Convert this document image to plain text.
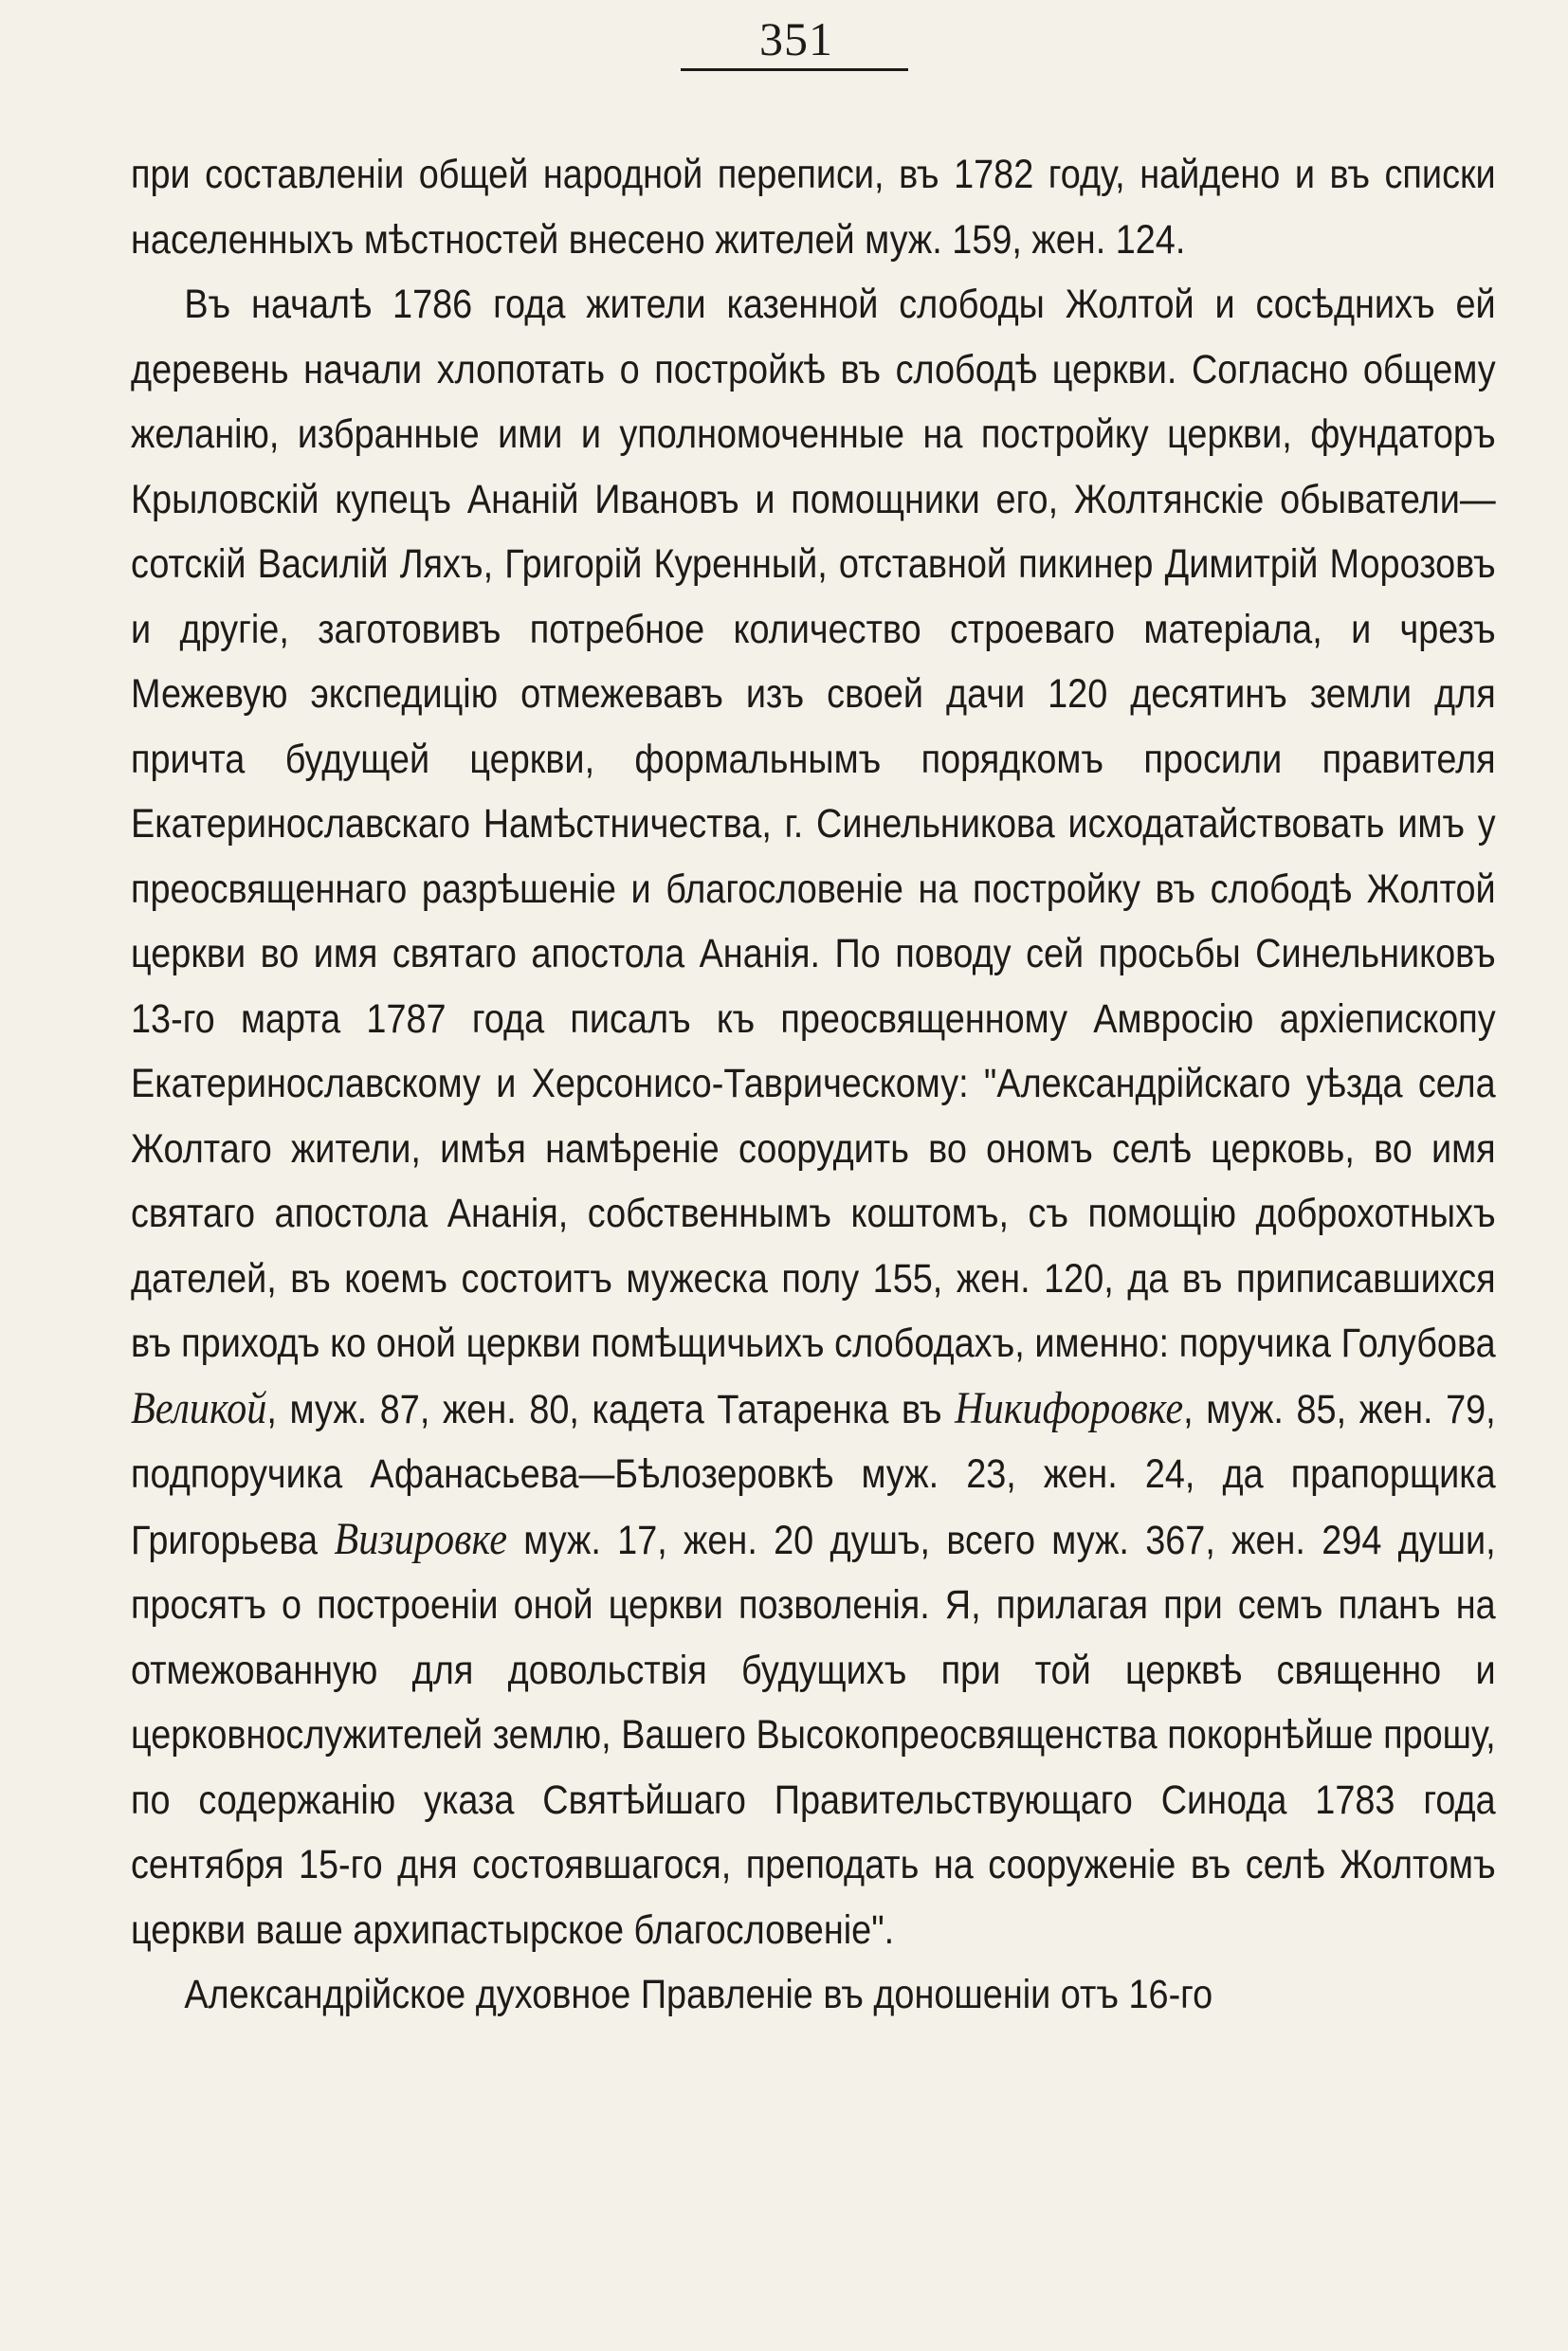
351

при составленіи общей народной переписи, въ 1782 году, найдено и въ списки населенныхъ мѣстностей внесено жителей муж. 159, жен. 124.

Въ началѣ 1786 года жители казенной слободы Жолтой и сосѣднихъ ей деревень начали хлопотать о постройкѣ въ слободѣ церкви. Согласно общему желанію, избранные ими и уполномоченные на постройку церкви, фундаторъ Крыловскій купецъ Ананій Ивановъ и помощники его, Жолтянскіе обыватели—сотскій Василій Ляхъ, Григорій Куренный, отставной пикинер Димитрій Морозовъ и другіе, заготовивъ потребное количество строеваго матеріала, и чрезъ Межевую экспедицію отмежевавъ изъ своей дачи 120 десятинъ земли для причта будущей церкви, формальнымъ порядкомъ просили правителя Екатеринославскаго Намѣстничества, г. Синельникова исходатайствовать имъ у преосвященнаго разрѣшеніе и благословеніе на постройку въ слободѣ Жолтой церкви во имя святаго апостола Ананія. По поводу сей просьбы Синельниковъ 13-го марта 1787 года писалъ къ преосвященному Амвросію архіепископу Екатеринославскому и Херсонисо-Таврическому: "Александрійскаго уѣзда села Жолтаго жители, имѣя намѣреніе соорудить во ономъ селѣ церковь, во имя святаго апостола Ананія, собственнымъ коштомъ, съ помощію доброхотныхъ дателей, въ коемъ состоитъ мужеска полу 155, жен. 120, да въ приписавшихся въ приходъ ко оной церкви помѣщичьихъ слободахъ, именно: поручика Голубова Великой, муж. 87, жен. 80, кадета Татаренка въ Никифоровке, муж. 85, жен. 79, подпоручика Афанасьева—Бѣлозеровкѣ муж. 23, жен. 24, да прапорщика Григорьева Визировке муж. 17, жен. 20 душъ, всего муж. 367, жен. 294 души, просятъ о построеніи оной церкви позволенія. Я, прилагая при семъ планъ на отмежованную для довольствія будущихъ при той церквѣ священно и церковнослужителей землю, Вашего Высокопреосвященства покорнѣйше прошу, по содержанію указа Святѣйшаго Правительствующаго Синода 1783 года сентября 15-го дня состоявшагося, преподать на сооруженіе въ селѣ Жолтомъ церкви ваше архипастырское благословеніе".

Александрійское духовное Правленіе въ доношеніи отъ 16-го
